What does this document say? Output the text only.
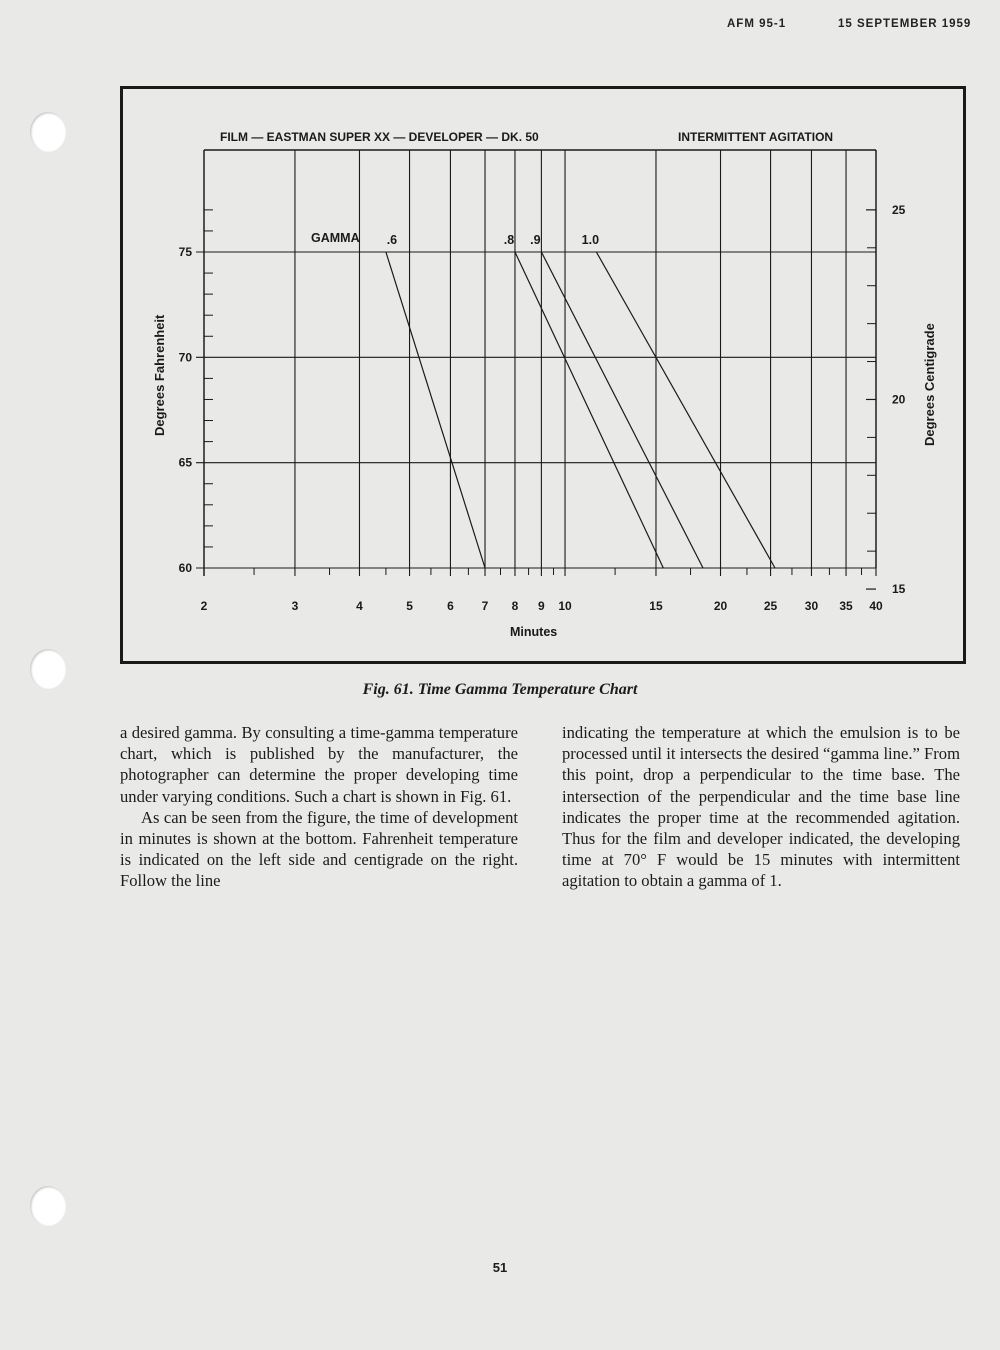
AFM 95-1	15 SEPTEMBER 1959
FILM — EASTMAN SUPER XX — DEVELOPER — DK. 50	INTERMITTENT AGITATION
.6	.8 .9	1.0
2	3	4	5	6 7 8 9 10	15	20	25 30 35 40
60
65
70
75
15
20
25
GAMMA
Degrees Fahrenheit	Degrees Centigrade
Minutes
Fig. 61. Time Gamma Temperature Chart

a desired gamma. By consulting a time-gamma temperature chart, which is published by the manufacturer, the photographer can determine the proper developing time under varying conditions. Such a chart is shown in Fig. 61.

As can be seen from the figure, the time of development in minutes is shown at the bottom. Fahrenheit temperature is indicated on the left side and centigrade on the right. Follow the line

indicating the temperature at which the emulsion is to be processed until it intersects the desired “gamma line.” From this point, drop a perpendicular to the time base. The intersection of the perpendicular and the time base line indicates the proper time at the recommended agitation. Thus for the film and developer indicated, the developing time at 70° F would be 15 minutes with intermittent agitation to obtain a gamma of 1.

51
